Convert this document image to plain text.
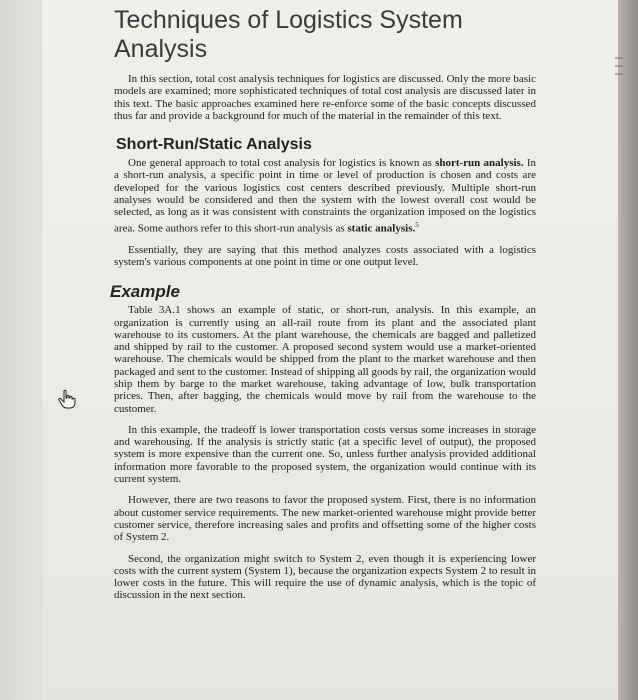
Techniques of Logistics System Analysis

In this section, total cost analysis techniques for logistics are discussed. Only the more basic models are examined; more sophisticated techniques of total cost analysis are discussed later in this text. The basic approaches examined here re-enforce some of the basic concepts discussed thus far and provide a background for much of the material in the remainder of this text.

Short-Run/Static Analysis

One general approach to total cost analysis for logistics is known as short-run analysis. In a short-run analysis, a specific point in time or level of production is chosen and costs are developed for the various logistics cost centers described previously. Multiple short-run analyses would be considered and then the system with the lowest overall cost would be selected, as long as it was consistent with constraints the organization imposed on the logistics area. Some authors refer to this short-run analysis as static analysis.$^5$

Essentially, they are saying that this method analyzes costs associated with a logistics system's various components at one point in time or one output level.

Example

Table 3A.1 shows an example of static, or short-run, analysis. In this example, an organization is currently using an all-rail route from its plant and the associated plant warehouse to its customers. At the plant warehouse, the chemicals are bagged and palletized and shipped by rail to the customer. A proposed second system would use a market-oriented warehouse. The chemicals would be shipped from the plant to the market warehouse and then packaged and sent to the customer. Instead of shipping all goods by rail, the organization would ship them by barge to the market warehouse, taking advantage of low, bulk transportation prices. Then, after bagging, the chemicals would move by rail from the warehouse to the customer.

In this example, the tradeoff is lower transportation costs versus some increases in storage and warehousing. If the analysis is strictly static (at a specific level of output), the proposed system is more expensive than the current one. So, unless further analysis provided additional information more favorable to the proposed system, the organization would continue with its current system.

However, there are two reasons to favor the proposed system. First, there is no information about customer service requirements. The new market-oriented warehouse might provide better customer service, therefore increasing sales and profits and offsetting some of the higher costs of System 2.

Second, the organization might switch to System 2, even though it is experiencing lower costs with the current system (System 1), because the organization expects System 2 to result in lower costs in the future. This will require the use of dynamic analysis, which is the topic of discussion in the next section.
